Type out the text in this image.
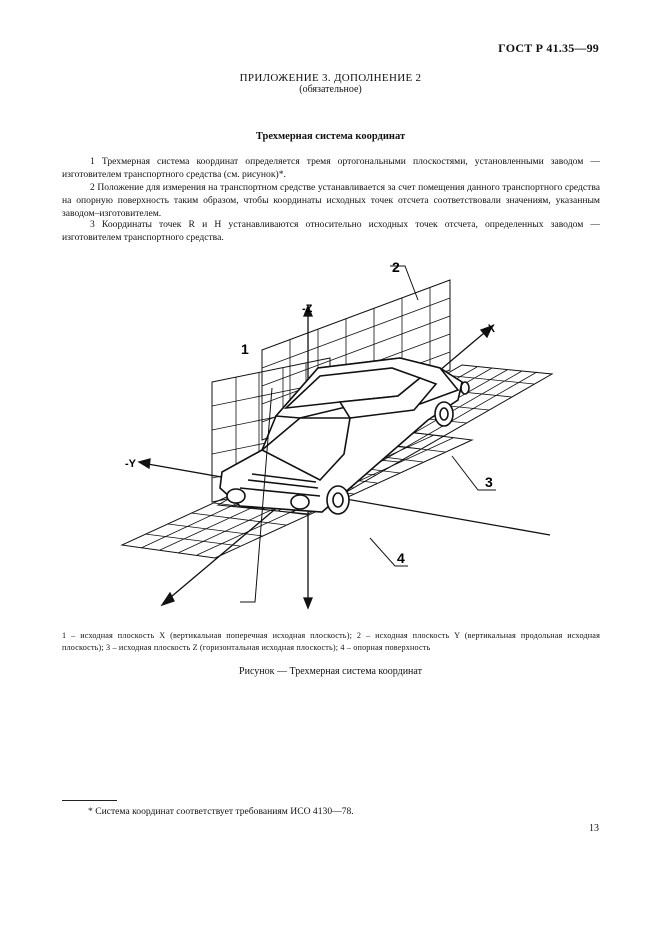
ГОСТ Р 41.35—99
ПРИЛОЖЕНИЕ 3. ДОПОЛНЕНИЕ 2
(обязательное)
Трехмерная система координат

1 Трехмерная система координат определяется тремя ортогональными плоскостями, установленными заводом — изготовителем транспортного средства (см. рисунок)*.

2 Положение для измерения на транспортном средстве устанавливается за счет помещения данного транспортного средства на опорную поверхность таким образом, чтобы координаты исходных точек отсчета соответствовали значениям, указанным заводом–изготовителем.

3 Координаты точек R и H устанавливаются относительно исходных точек отсчета, определенных заводом — изготовителем транспортного средства.

-Z
-X
-Y
1
2
3
4
1 – исходная плоскость X (вертикальная поперечная исходная плоскость); 2 – исходная плоскость Y (вертикальная продольная исходная плоскость); 3 – исходная плоскость Z (горизонтальная исходная плоскость); 4 – опорная поверхность
Рисунок — Трехмерная система координат
* Система координат соответствует требованиям ИСО 4130—78.
13
